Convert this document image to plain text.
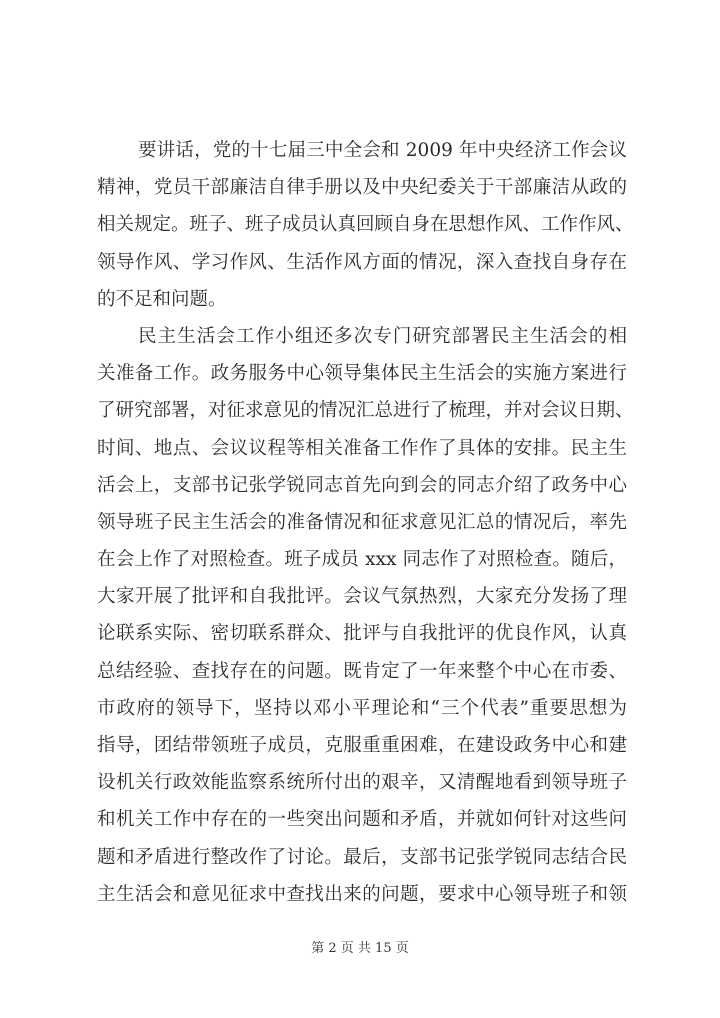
要讲话，党的十七届三中全会和 2009 年中央经济工作会议
精神，党员干部廉洁自律手册以及中央纪委关于干部廉洁从政的
相关规定。班子、班子成员认真回顾自身在思想作风、工作作风、
领导作风、学习作风、生活作风方面的情况，深入查找自身存在
的不足和问题。
民主生活会工作小组还多次专门研究部署民主生活会的相
关准备工作。政务服务中心领导集体民主生活会的实施方案进行
了研究部署，对征求意见的情况汇总进行了梳理，并对会议日期、
时间、地点、会议议程等相关准备工作作了具体的安排。民主生
活会上，支部书记张学锐同志首先向到会的同志介绍了政务中心
领导班子民主生活会的准备情况和征求意见汇总的情况后，率先
在会上作了对照检查。班子成员 xxx 同志作了对照检查。随后，
大家开展了批评和自我批评。会议气氛热烈，大家充分发扬了理
论联系实际、密切联系群众、批评与自我批评的优良作风，认真
总结经验、查找存在的问题。既肯定了一年来整个中心在市委、
市政府的领导下，坚持以邓小平理论和“三个代表”重要思想为
指导，团结带领班子成员，克服重重困难，在建设政务中心和建
设机关行政效能监察系统所付出的艰辛，又清醒地看到领导班子
和机关工作中存在的一些突出问题和矛盾，并就如何针对这些问
题和矛盾进行整改作了讨论。最后，支部书记张学锐同志结合民
主生活会和意见征求中查找出来的问题，要求中心领导班子和领
第 2 页 共 15 页
